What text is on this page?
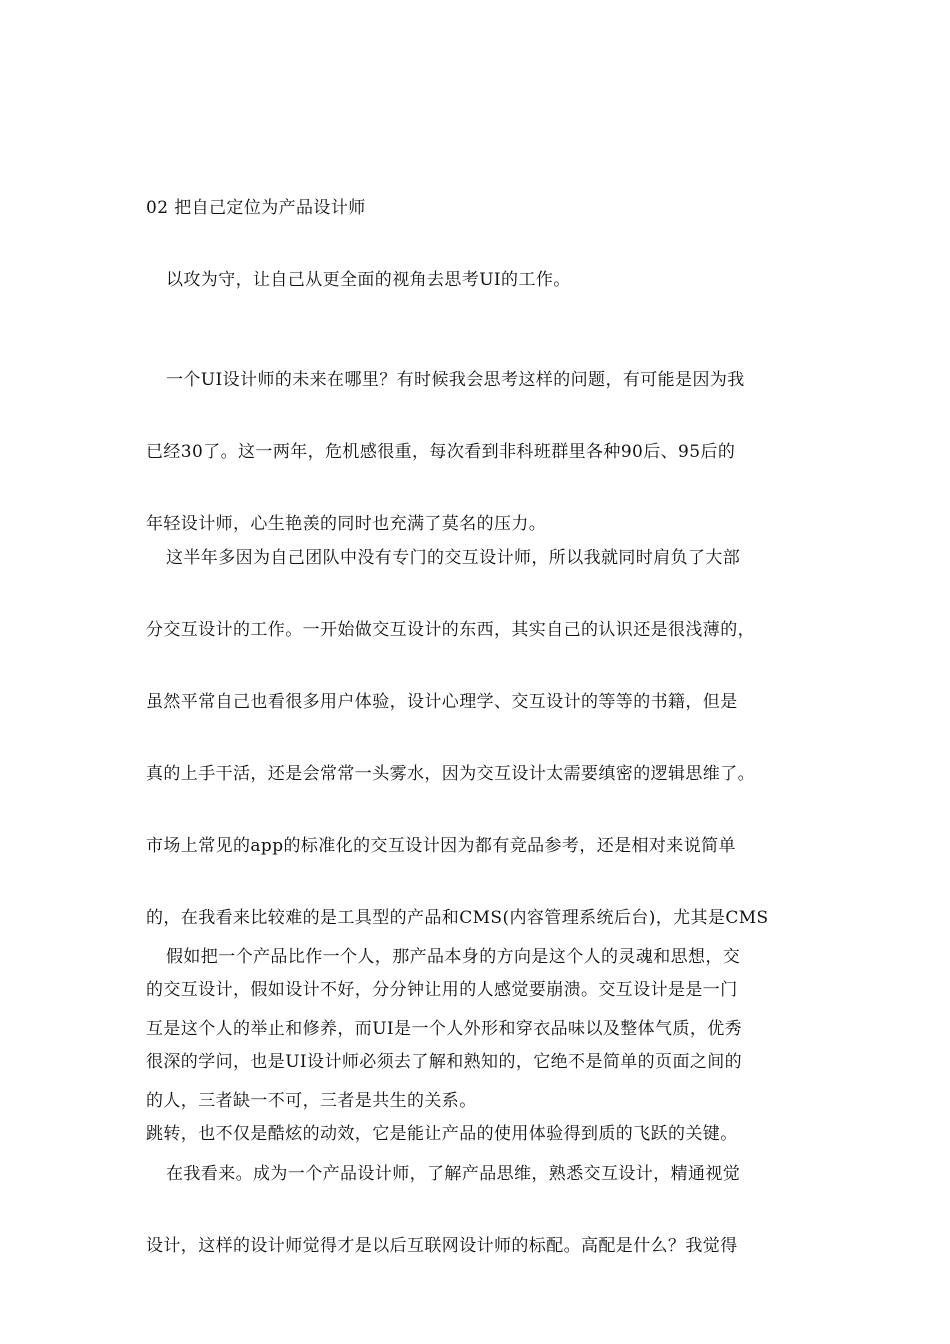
02 把自己定位为产品设计师

以攻为守，让自己从更全面的视角去思考UI的工作。

一个UI设计师的未来在哪里？有时候我会思考这样的问题，有可能是因为我

已经30了。这一两年，危机感很重，每次看到非科班群里各种90后、95后的

年轻设计师，心生艳羡的同时也充满了莫名的压力。

这半年多因为自己团队中没有专门的交互设计师，所以我就同时肩负了大部

分交互设计的工作。一开始做交互设计的东西，其实自己的认识还是很浅薄的，

虽然平常自己也看很多用户体验，设计心理学、交互设计的等等的书籍，但是

真的上手干活，还是会常常一头雾水，因为交互设计太需要缜密的逻辑思维了。

市场上常见的app的标准化的交互设计因为都有竞品参考，还是相对来说简单

的，在我看来比较难的是工具型的产品和CMS(内容管理系统后台)，尤其是CMS

的交互设计，假如设计不好，分分钟让用的人感觉要崩溃。交互设计是是一门

很深的学问，也是UI设计师必须去了解和熟知的，它绝不是简单的页面之间的

跳转，也不仅是酷炫的动效，它是能让产品的使用体验得到质的飞跃的关键。

假如把一个产品比作一个人，那产品本身的方向是这个人的灵魂和思想，交

互是这个人的举止和修养，而UI是一个人外形和穿衣品味以及整体气质，优秀

的人，三者缺一不可，三者是共生的关系。

在我看来。成为一个产品设计师，了解产品思维，熟悉交互设计，精通视觉

设计，这样的设计师觉得才是以后互联网设计师的标配。高配是什么？我觉得
